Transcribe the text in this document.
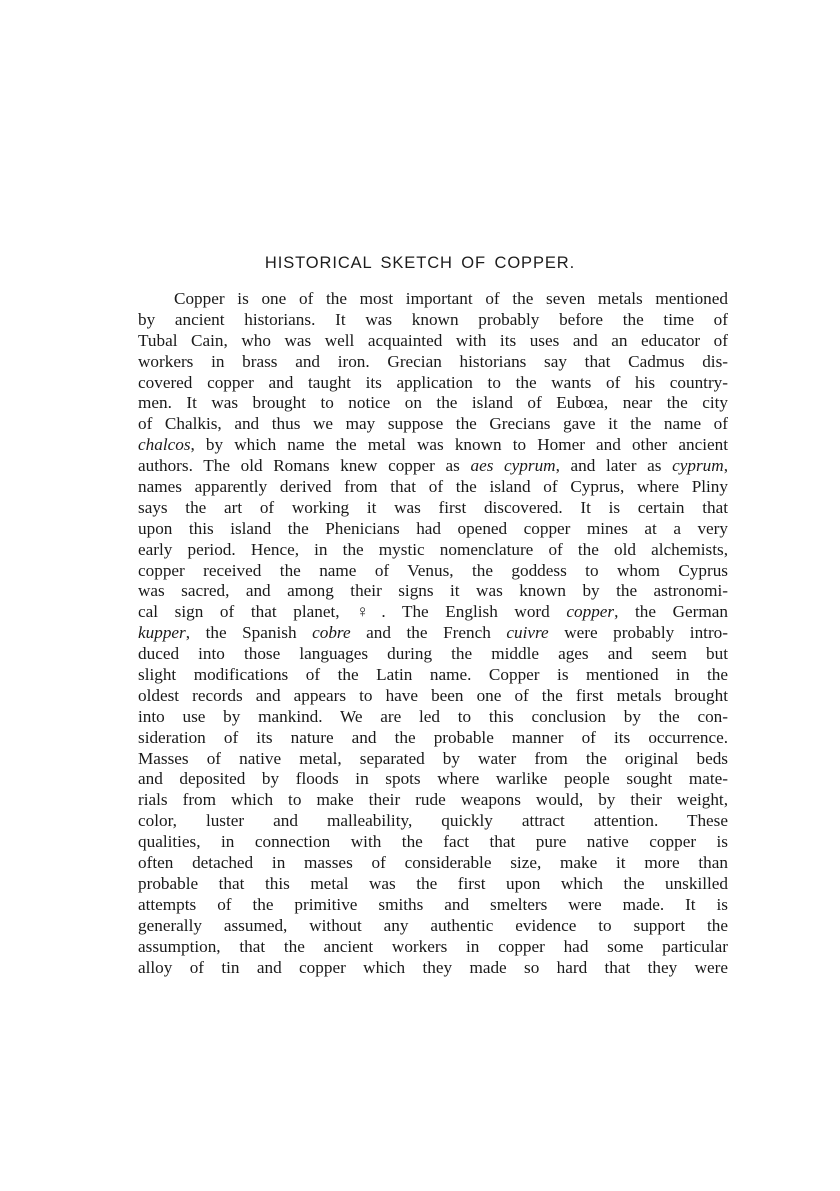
HISTORICAL SKETCH OF COPPER.
Copper is one of the most important of the seven metals mentioned
by ancient historians. It was known probably before the time of
Tubal Cain, who was well acquainted with its uses and an educator of
workers in brass and iron. Grecian historians say that Cadmus dis-
covered copper and taught its application to the wants of his country-
men. It was brought to notice on the island of Eubœa, near the city
of Chalkis, and thus we may suppose the Grecians gave it the name of
chalcos, by which name the metal was known to Homer and other ancient
authors. The old Romans knew copper as aes cyprum, and later as cyprum,
names apparently derived from that of the island of Cyprus, where Pliny
says the art of working it was first discovered. It is certain that
upon this island the Phenicians had opened copper mines at a very
early period. Hence, in the mystic nomenclature of the old alchemists,
copper received the name of Venus, the goddess to whom Cyprus
was sacred, and among their signs it was known by the astronomi-
cal sign of that planet, ♀. The English word copper, the German
kupper, the Spanish cobre and the French cuivre were probably intro-
duced into those languages during the middle ages and seem but
slight modifications of the Latin name. Copper is mentioned in the
oldest records and appears to have been one of the first metals brought
into use by mankind. We are led to this conclusion by the con-
sideration of its nature and the probable manner of its occurrence.
Masses of native metal, separated by water from the original beds
and deposited by floods in spots where warlike people sought mate-
rials from which to make their rude weapons would, by their weight,
color, luster and malleability, quickly attract attention. These
qualities, in connection with the fact that pure native copper is
often detached in masses of considerable size, make it more than
probable that this metal was the first upon which the unskilled
attempts of the primitive smiths and smelters were made. It is
generally assumed, without any authentic evidence to support the
assumption, that the ancient workers in copper had some particular
alloy of tin and copper which they made so hard that they were
